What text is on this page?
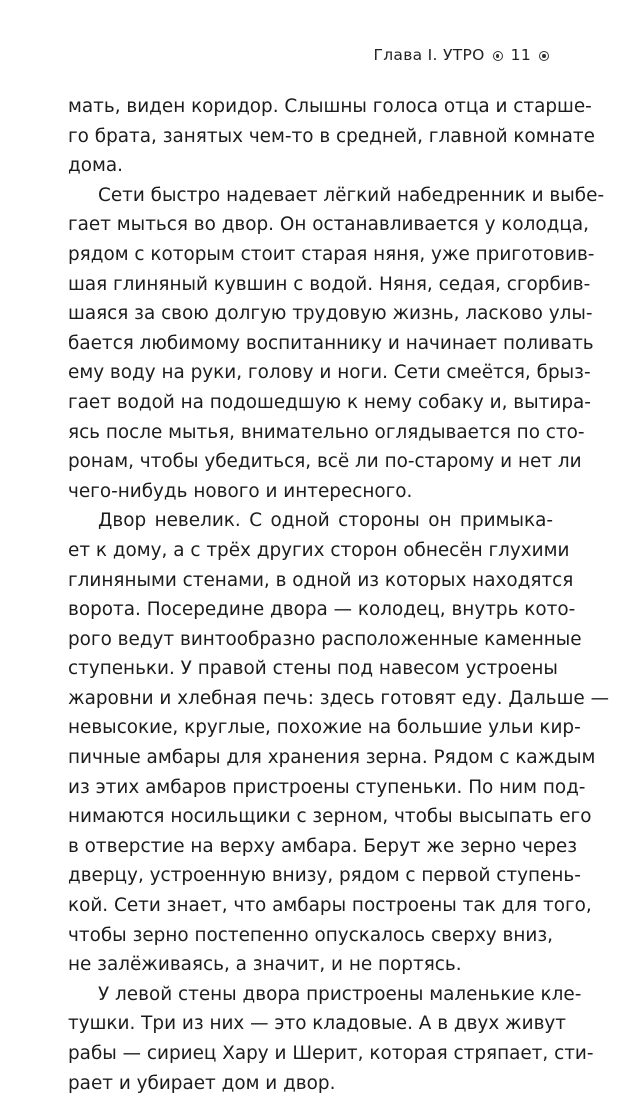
Глава I. УТРО 11
мать, виден коридор. Слышны голоса отца и старше-
го брата, занятых чем-то в средней, главной комнате
дома.
Сети быстро надевает лёгкий набедренник и выбе-
гает мыться во двор. Он останавливается у колодца,
рядом с которым стоит старая няня, уже приготовив-
шая глиняный кувшин с водой. Няня, седая, сгорбив-
шаяся за свою долгую трудовую жизнь, ласково улы-
бается любимому воспитаннику и начинает поливать
ему воду на руки, голову и ноги. Сети смеётся, брыз-
гает водой на подошедшую к нему собаку и, вытира-
ясь после мытья, внимательно оглядывается по сто-
ронам, чтобы убедиться, всё ли по-старому и нет ли
чего-нибудь нового и интересного.
Двор невелик. С одной стороны он примыка-
ет к дому, а с трёх других сторон обнесён глухими
глиняными стенами, в одной из которых находятся
ворота. Посередине двора — колодец, внутрь кото-
рого ведут винтообразно расположенные каменные
ступеньки. У правой стены под навесом устроены
жаровни и хлебная печь: здесь готовят еду. Дальше —
невысокие, круглые, похожие на большие ульи кир-
пичные амбары для хранения зерна. Рядом с каждым
из этих амбаров пристроены ступеньки. По ним под-
нимаются носильщики с зерном, чтобы высыпать его
в отверстие на верху амбара. Берут же зерно через
дверцу, устроенную внизу, рядом с первой ступень-
кой. Сети знает, что амбары построены так для того,
чтобы зерно постепенно опускалось сверху вниз,
не залёживаясь, а значит, и не портясь.
У левой стены двора пристроены маленькие кле-
тушки. Три из них — это кладовые. А в двух живут
рабы — сириец Хару и Шерит, которая стряпает, сти-
рает и убирает дом и двор.
